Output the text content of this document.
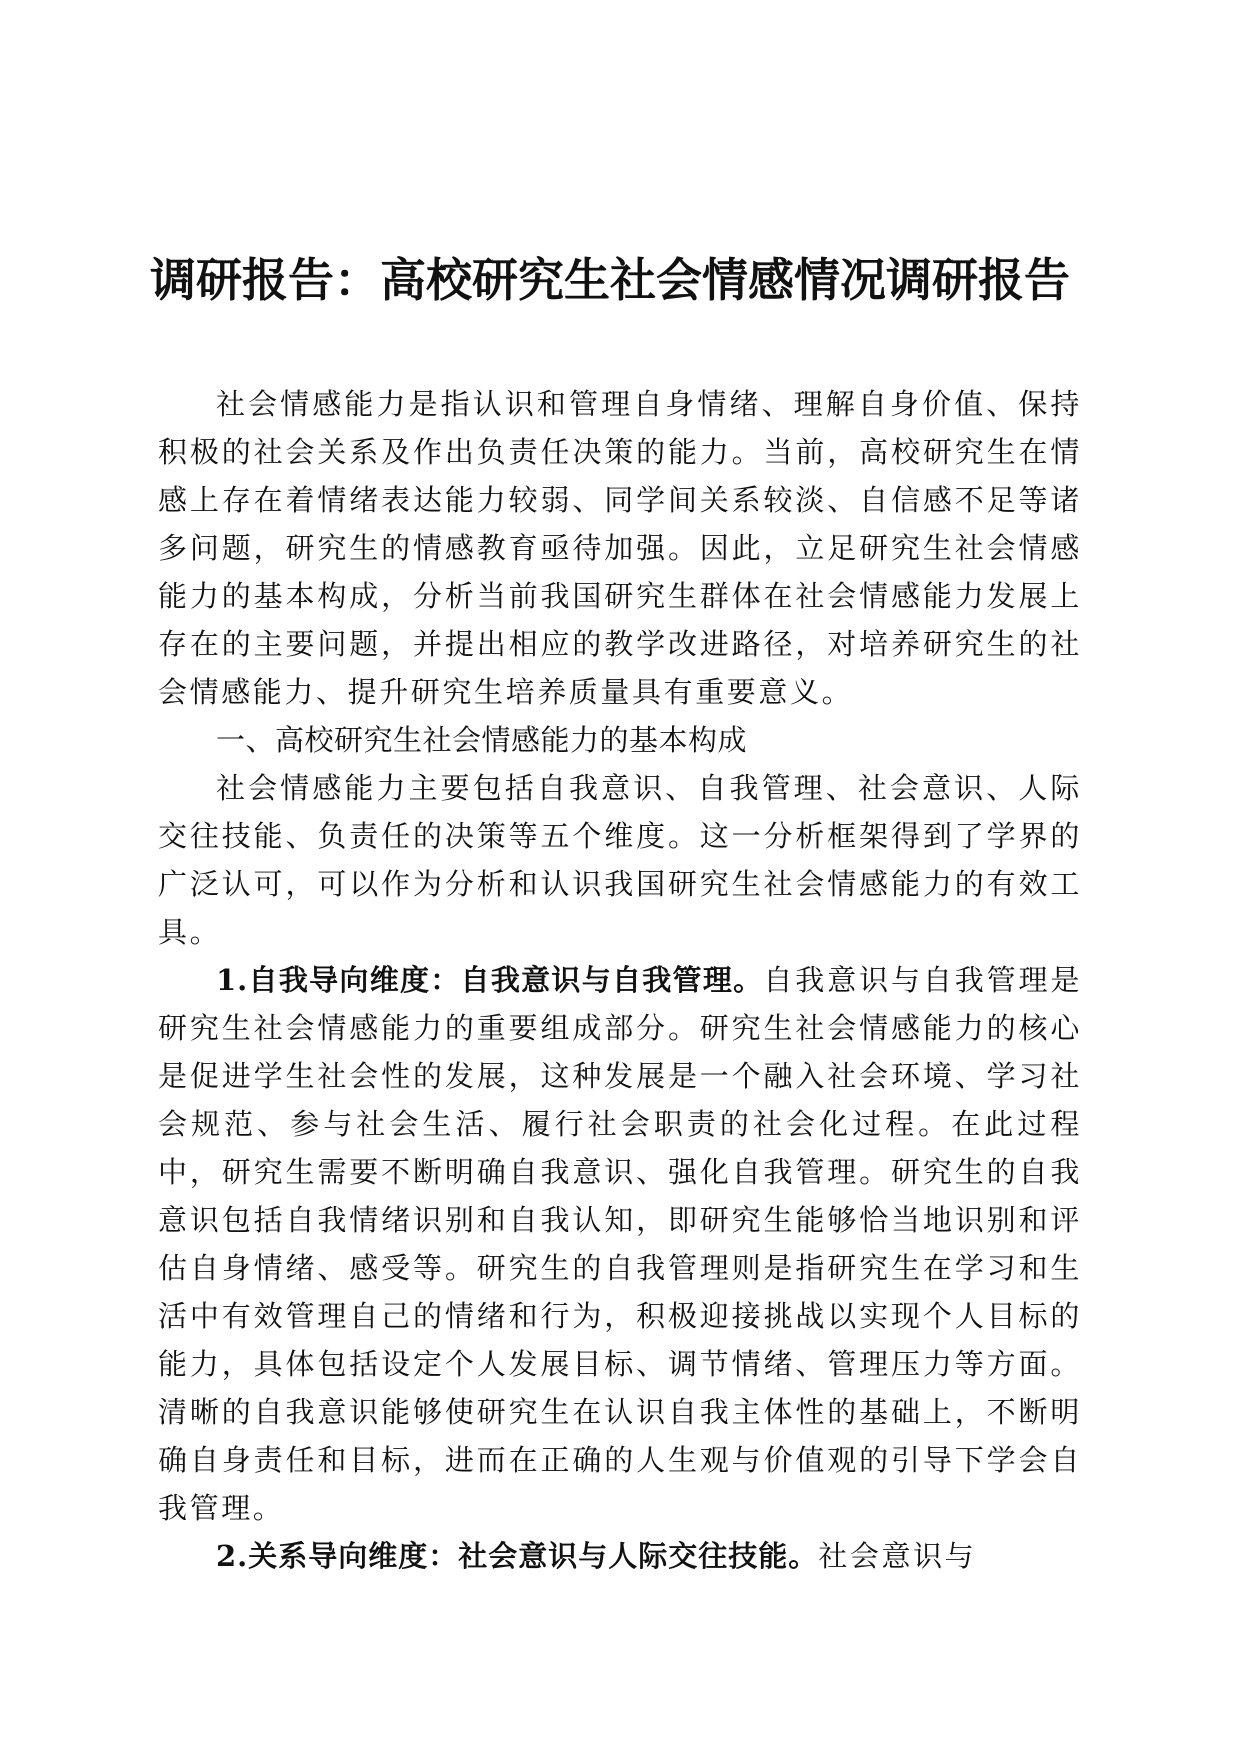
调研报告：高校研究生社会情感情况调研报告

社会情感能力是指认识和管理自身情绪、理解自身价值、保持积极的社会关系及作出负责任决策的能力。当前，高校研究生在情感上存在着情绪表达能力较弱、同学间关系较淡、自信感不足等诸多问题，研究生的情感教育亟待加强。因此，立足研究生社会情感能力的基本构成，分析当前我国研究生群体在社会情感能力发展上存在的主要问题，并提出相应的教学改进路径，对培养研究生的社会情感能力、提升研究生培养质量具有重要意义。

一、高校研究生社会情感能力的基本构成

社会情感能力主要包括自我意识、自我管理、社会意识、人际交往技能、负责任的决策等五个维度。这一分析框架得到了学界的广泛认可，可以作为分析和认识我国研究生社会情感能力的有效工具。

1.自我导向维度：自我意识与自我管理。自我意识与自我管理是研究生社会情感能力的重要组成部分。研究生社会情感能力的核心是促进学生社会性的发展，这种发展是一个融入社会环境、学习社会规范、参与社会生活、履行社会职责的社会化过程。在此过程中，研究生需要不断明确自我意识、强化自我管理。研究生的自我意识包括自我情绪识别和自我认知，即研究生能够恰当地识别和评估自身情绪、感受等。研究生的自我管理则是指研究生在学习和生活中有效管理自己的情绪和行为，积极迎接挑战以实现个人目标的能力，具体包括设定个人发展目标、调节情绪、管理压力等方面。清晰的自我意识能够使研究生在认识自我主体性的基础上，不断明确自身责任和目标，进而在正确的人生观与价值观的引导下学会自我管理。

2.关系导向维度：社会意识与人际交往技能。社会意识与
